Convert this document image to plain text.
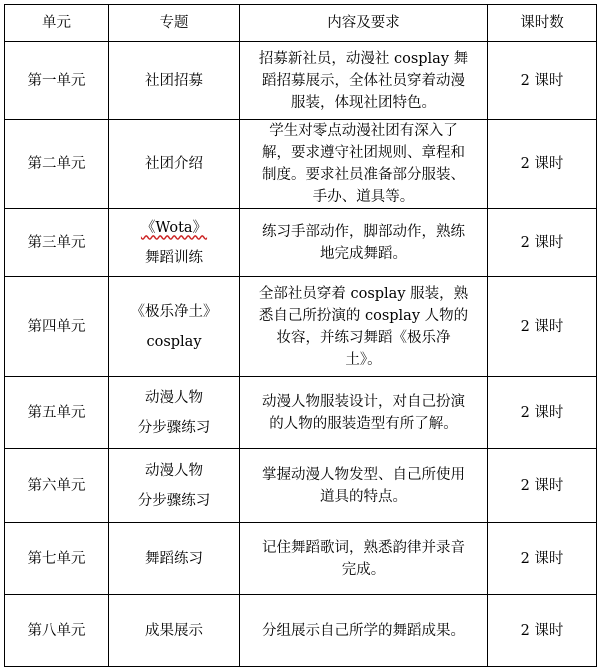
单元	专题	内容及要求	课时数
第一单元	社团招募	招募新社员，动漫社 cosplay 舞
蹈招募展示，全体社员穿着动漫
服装，体现社团特色。	2 课时
第二单元	社团介绍	学生对零点动漫社团有深入了
解，要求遵守社团规则、章程和
制度。要求社员准备部分服装、
手办、道具等。	2 课时
第三单元	《Wota》
舞蹈训练	练习手部动作，脚部动作，熟练
地完成舞蹈。	2 课时
第四单元	《极乐净土》
cosplay	全部社员穿着 cosplay 服装，熟
悉自己所扮演的 cosplay 人物的
妆容，并练习舞蹈《极乐净
土》。	2 课时
第五单元	动漫人物
分步骤练习	动漫人物服装设计，对自己扮演
的人物的服装造型有所了解。	2 课时
第六单元	动漫人物
分步骤练习	掌握动漫人物发型、自己所使用
道具的特点。	2 课时
第七单元	舞蹈练习	记住舞蹈歌词，熟悉韵律并录音
完成。	2 课时
第八单元	成果展示	分组展示自己所学的舞蹈成果。	2 课时
